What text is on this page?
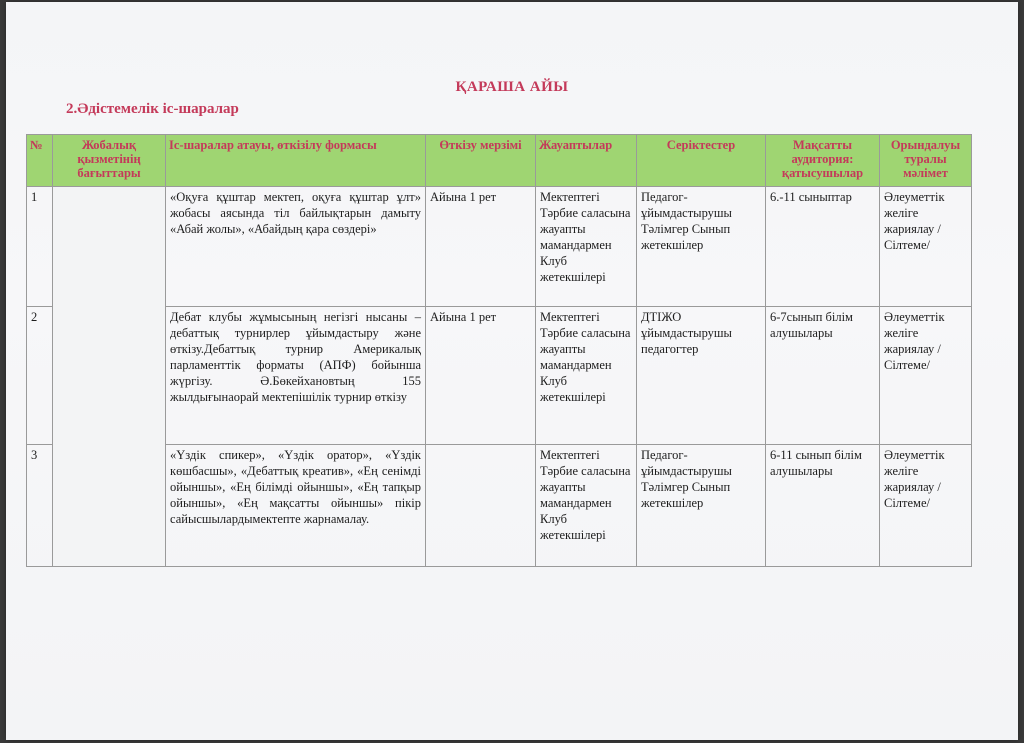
ҚАРАША АЙЫ
2.Әдістемелік іс-шаралар
№	Жобалық қызметінің бағыттары	Іс-шаралар атауы, өткізілу формасы	Өткізу мерзімі	Жауаптылар	Серіктестер	Мақсатты аудитория: қатысушылар	Орындалуы туралы мәлімет
1		«Оқуға құштар мектеп, оқуға құштар ұлт» жобасы аясында тіл байлықтарын дамыту «Абай жолы», «Абайдың қара сөздері»	Айына 1 рет	Мектептегі Тәрбие саласына жауапты мамандармен Клуб жетекшілері	Педагог-ұйымдастырушы Тәлімгер Сынып жетекшілер	6.-11 сыныптар	Әлеуметтік желіге жариялау /Сілтеме/
2		Дебат клубы жұмысының негізгі нысаны – дебаттық турнирлер ұйымдастыру және өткізу.Дебаттық турнир Америкалық парламенттік форматы (АПФ) бойынша жүргізу. Ә.Бөкейхановтың 155 жылдығынаорай мектепішілік турнир өткізу	Айына 1 рет	Мектептегі Тәрбие саласына жауапты мамандармен Клуб жетекшілері	ДТІЖО ұйымдастырушы педагогтер	6-7сынып білім алушылары	Әлеуметтік желіге жариялау /Сілтеме/
3		«Үздік спикер», «Үздік оратор», «Үздік көшбасшы», «Дебаттық креатив», «Ең сенімді ойыншы», «Ең білімді ойыншы», «Ең тапқыр ойыншы», «Ең мақсатты ойыншы» пікір сайысшылардымектепте жарнамалау.		Мектептегі Тәрбие саласына жауапты мамандармен Клуб жетекшілері	Педагог-ұйымдастырушы Тәлімгер Сынып жетекшілер	6-11 сынып білім алушылары	Әлеуметтік желіге жариялау /Сілтеме/
